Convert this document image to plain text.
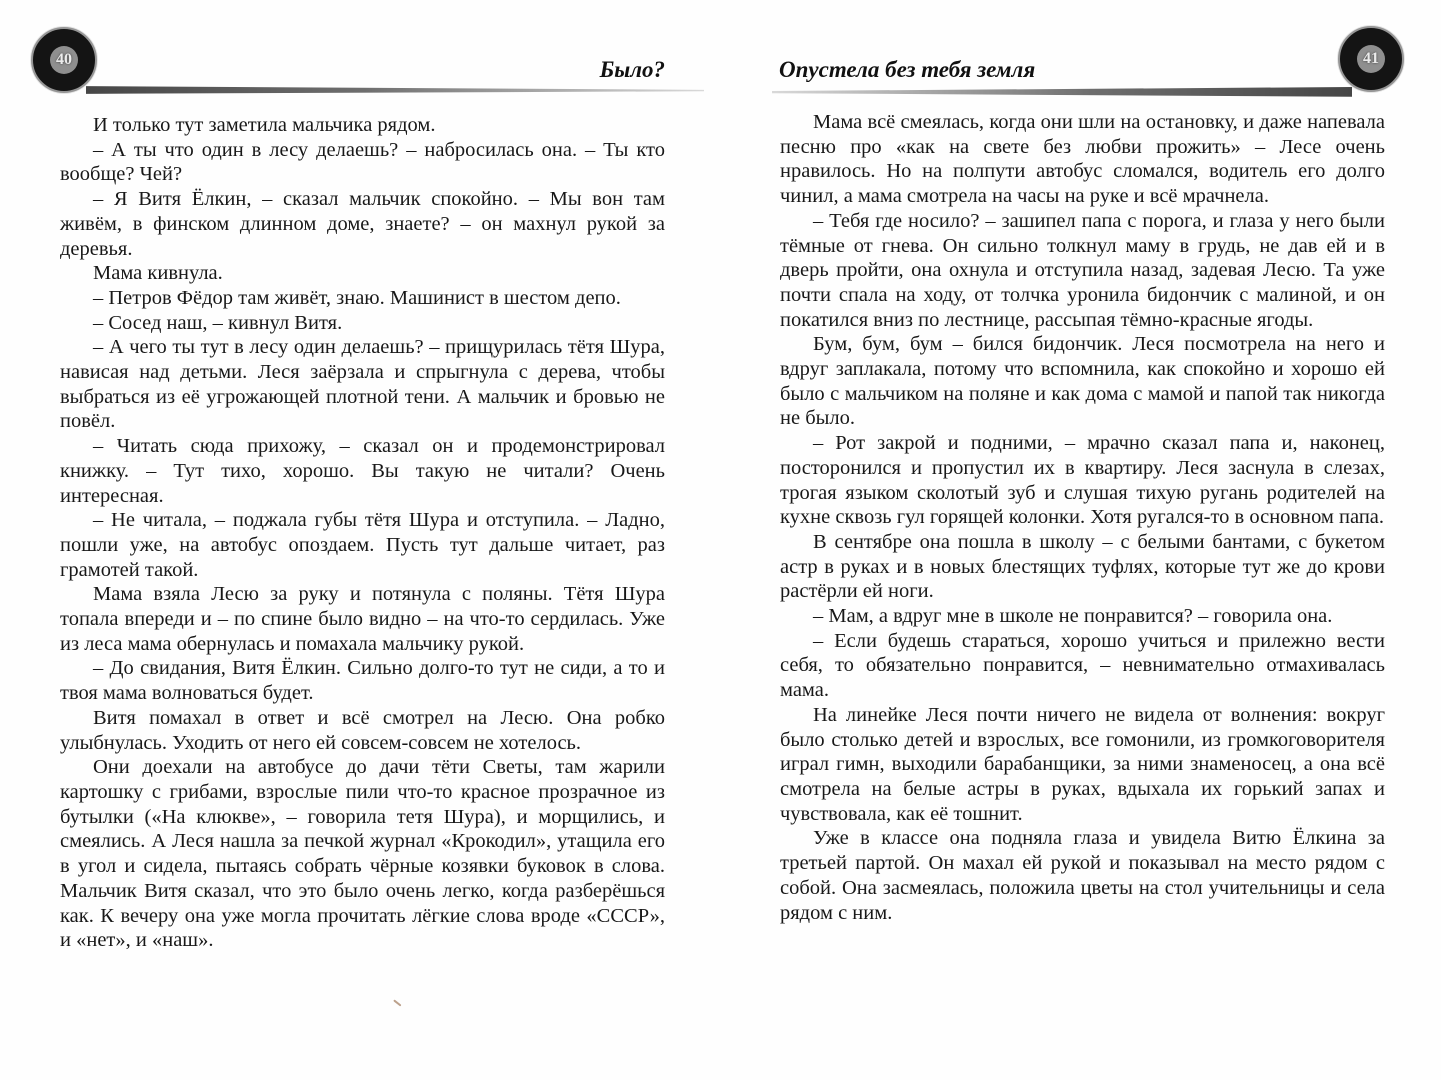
40	Было?

И только тут заметила мальчика рядом.

– А ты что один в лесу делаешь? – набросилась она. – Ты кто вообще? Чей?

– Я Витя Ёлкин, – сказал мальчик спокойно. – Мы вон там живём, в финском длинном доме, знаете? – он махнул рукой за деревья.

Мама кивнула.

– Петров Фёдор там живёт, знаю. Машинист в шестом депо.

– Сосед наш, – кивнул Витя.

– А чего ты тут в лесу один делаешь? – прищурилась тётя Шура, нависая над детьми. Леся заёрзала и спрыгнула с дерева, чтобы выбраться из её угрожающей плотной тени. А мальчик и бровью не повёл.

– Читать сюда прихожу, – сказал он и продемонстрировал книжку. – Тут тихо, хорошо. Вы такую не читали? Очень интересная.

– Не читала, – поджала губы тётя Шура и отступила. – Ладно, пошли уже, на автобус опоздаем. Пусть тут дальше читает, раз грамотей такой.

Мама взяла Лесю за руку и потянула с поляны. Тётя Шура топала впереди и – по спине было видно – на что-то сердилась. Уже из леса мама обернулась и помахала мальчику рукой.

– До свидания, Витя Ёлкин. Сильно долго-то тут не сиди, а то и твоя мама волноваться будет.

Витя помахал в ответ и всё смотрел на Лесю. Она робко улыбнулась. Уходить от него ей совсем-совсем не хотелось.

Они доехали на автобусе до дачи тёти Светы, там жарили картошку с грибами, взрослые пили что-то красное прозрачное из бутылки («На клюкве», – говорила тетя Шура), и морщились, и смеялись. А Леся нашла за печкой журнал «Крокодил», утащила его в угол и сидела, пытаясь собрать чёрные козявки буковок в слова. Мальчик Витя сказал, что это было очень легко, когда разберёшься как. К вечеру она уже могла прочитать лёгкие слова вроде «СССР», и «нет», и «наш».

41
Опустела без тебя земля

Мама всё смеялась, когда они шли на остановку, и даже напевала песню про «как на свете без любви прожить» – Лесе очень нравилось. Но на полпути автобус сломался, водитель его долго чинил, а мама смотрела на часы на руке и всё мрачнела.

– Тебя где носило? – зашипел папа с порога, и глаза у него были тёмные от гнева. Он сильно толкнул маму в грудь, не дав ей и в дверь пройти, она охнула и отступила назад, задевая Лесю. Та уже почти спала на ходу, от толчка уронила бидончик с малиной, и он покатился вниз по лестнице, рассыпая тёмно-красные ягоды.

Бум, бум, бум – бился бидончик. Леся посмотрела на него и вдруг заплакала, потому что вспомнила, как спокойно и хорошо ей было с мальчиком на поляне и как дома с мамой и папой так никогда не было.

– Рот закрой и подними, – мрачно сказал папа и, наконец, посторонился и пропустил их в квартиру. Леся заснула в слезах, трогая языком сколотый зуб и слушая тихую ругань родителей на кухне сквозь гул горящей колонки. Хотя ругался-то в основном папа.

В сентябре она пошла в школу – с белыми бантами, с букетом астр в руках и в новых блестящих туфлях, которые тут же до крови растёрли ей ноги.

– Мам, а вдруг мне в школе не понравится? – говорила она.

– Если будешь стараться, хорошо учиться и прилежно вести себя, то обязательно понравится, – невнимательно отмахивалась мама.

На линейке Леся почти ничего не видела от волнения: вокруг было столько детей и взрослых, все гомонили, из громкоговорителя играл гимн, выходили барабанщики, за ними знаменосец, а она всё смотрела на белые астры в руках, вдыхала их горький запах и чувствовала, как её тошнит.

Уже в классе она подняла глаза и увидела Витю Ёлкина за третьей партой. Он махал ей рукой и показывал на место рядом с собой. Она засмеялась, положила цветы на стол учительницы и села рядом с ним.
